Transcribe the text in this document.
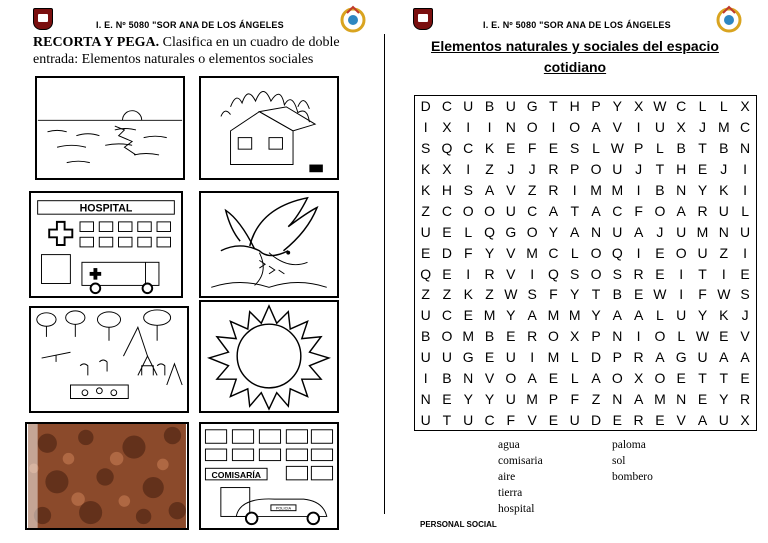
I. E. Nº 5080 "SOR ANA DE LOS ÁNGELES
RECORTA Y PEGA. Clasifica en un cuadro de doble entrada: Elementos naturales o elementos sociales
HOSPITAL
COMISARÍA
POLICIA
I. E. Nº 5080 "SOR ANA DE LOS ÁNGELES
Elementos naturales y sociales del espacio
cotidiano
D	C	U	B	U	G	T	H	P	Y	X	W	C	L	L	X
I	X	I	I	N	O	I	O	A	V	I	U	X	J	M	C
S	Q	C	K	E	F	E	S	L	W	P	L	B	T	B	N
K	X	I	Z	J	J	R	P	O	U	J	T	H	E	J	I
K	H	S	A	V	Z	R	I	M	M	I	B	N	Y	K	I
Z	C	O	O	U	C	A	T	A	C	F	O	A	R	U	L
U	E	L	Q	G	O	Y	A	N	U	A	J	U	M	N	U
E	D	F	Y	V	M	C	L	O	Q	I	E	O	U	Z	I
Q	E	I	R	V	I	Q	S	O	S	R	E	I	T	I	E
Z	Z	K	Z	W	S	F	Y	T	B	E	W	I	F	W	S
U	C	E	M	Y	A	M	M	Y	A	A	L	U	Y	K	J
B	O	M	B	E	R	O	X	P	N	I	O	L	W	E	V
U	U	G	E	U	I	M	L	D	P	R	A	G	U	A	A
I	B	N	V	O	A	E	L	A	O	X	O	E	T	T	E
N	E	Y	Y	U	M	P	F	Z	N	A	M	N	E	Y	R
U	T	U	C	F	V	E	U	D	E	R	E	V	A	U	X
agua
comisaria
aire
tierra
hospital
paloma
sol
bombero
PERSONAL SOCIAL
